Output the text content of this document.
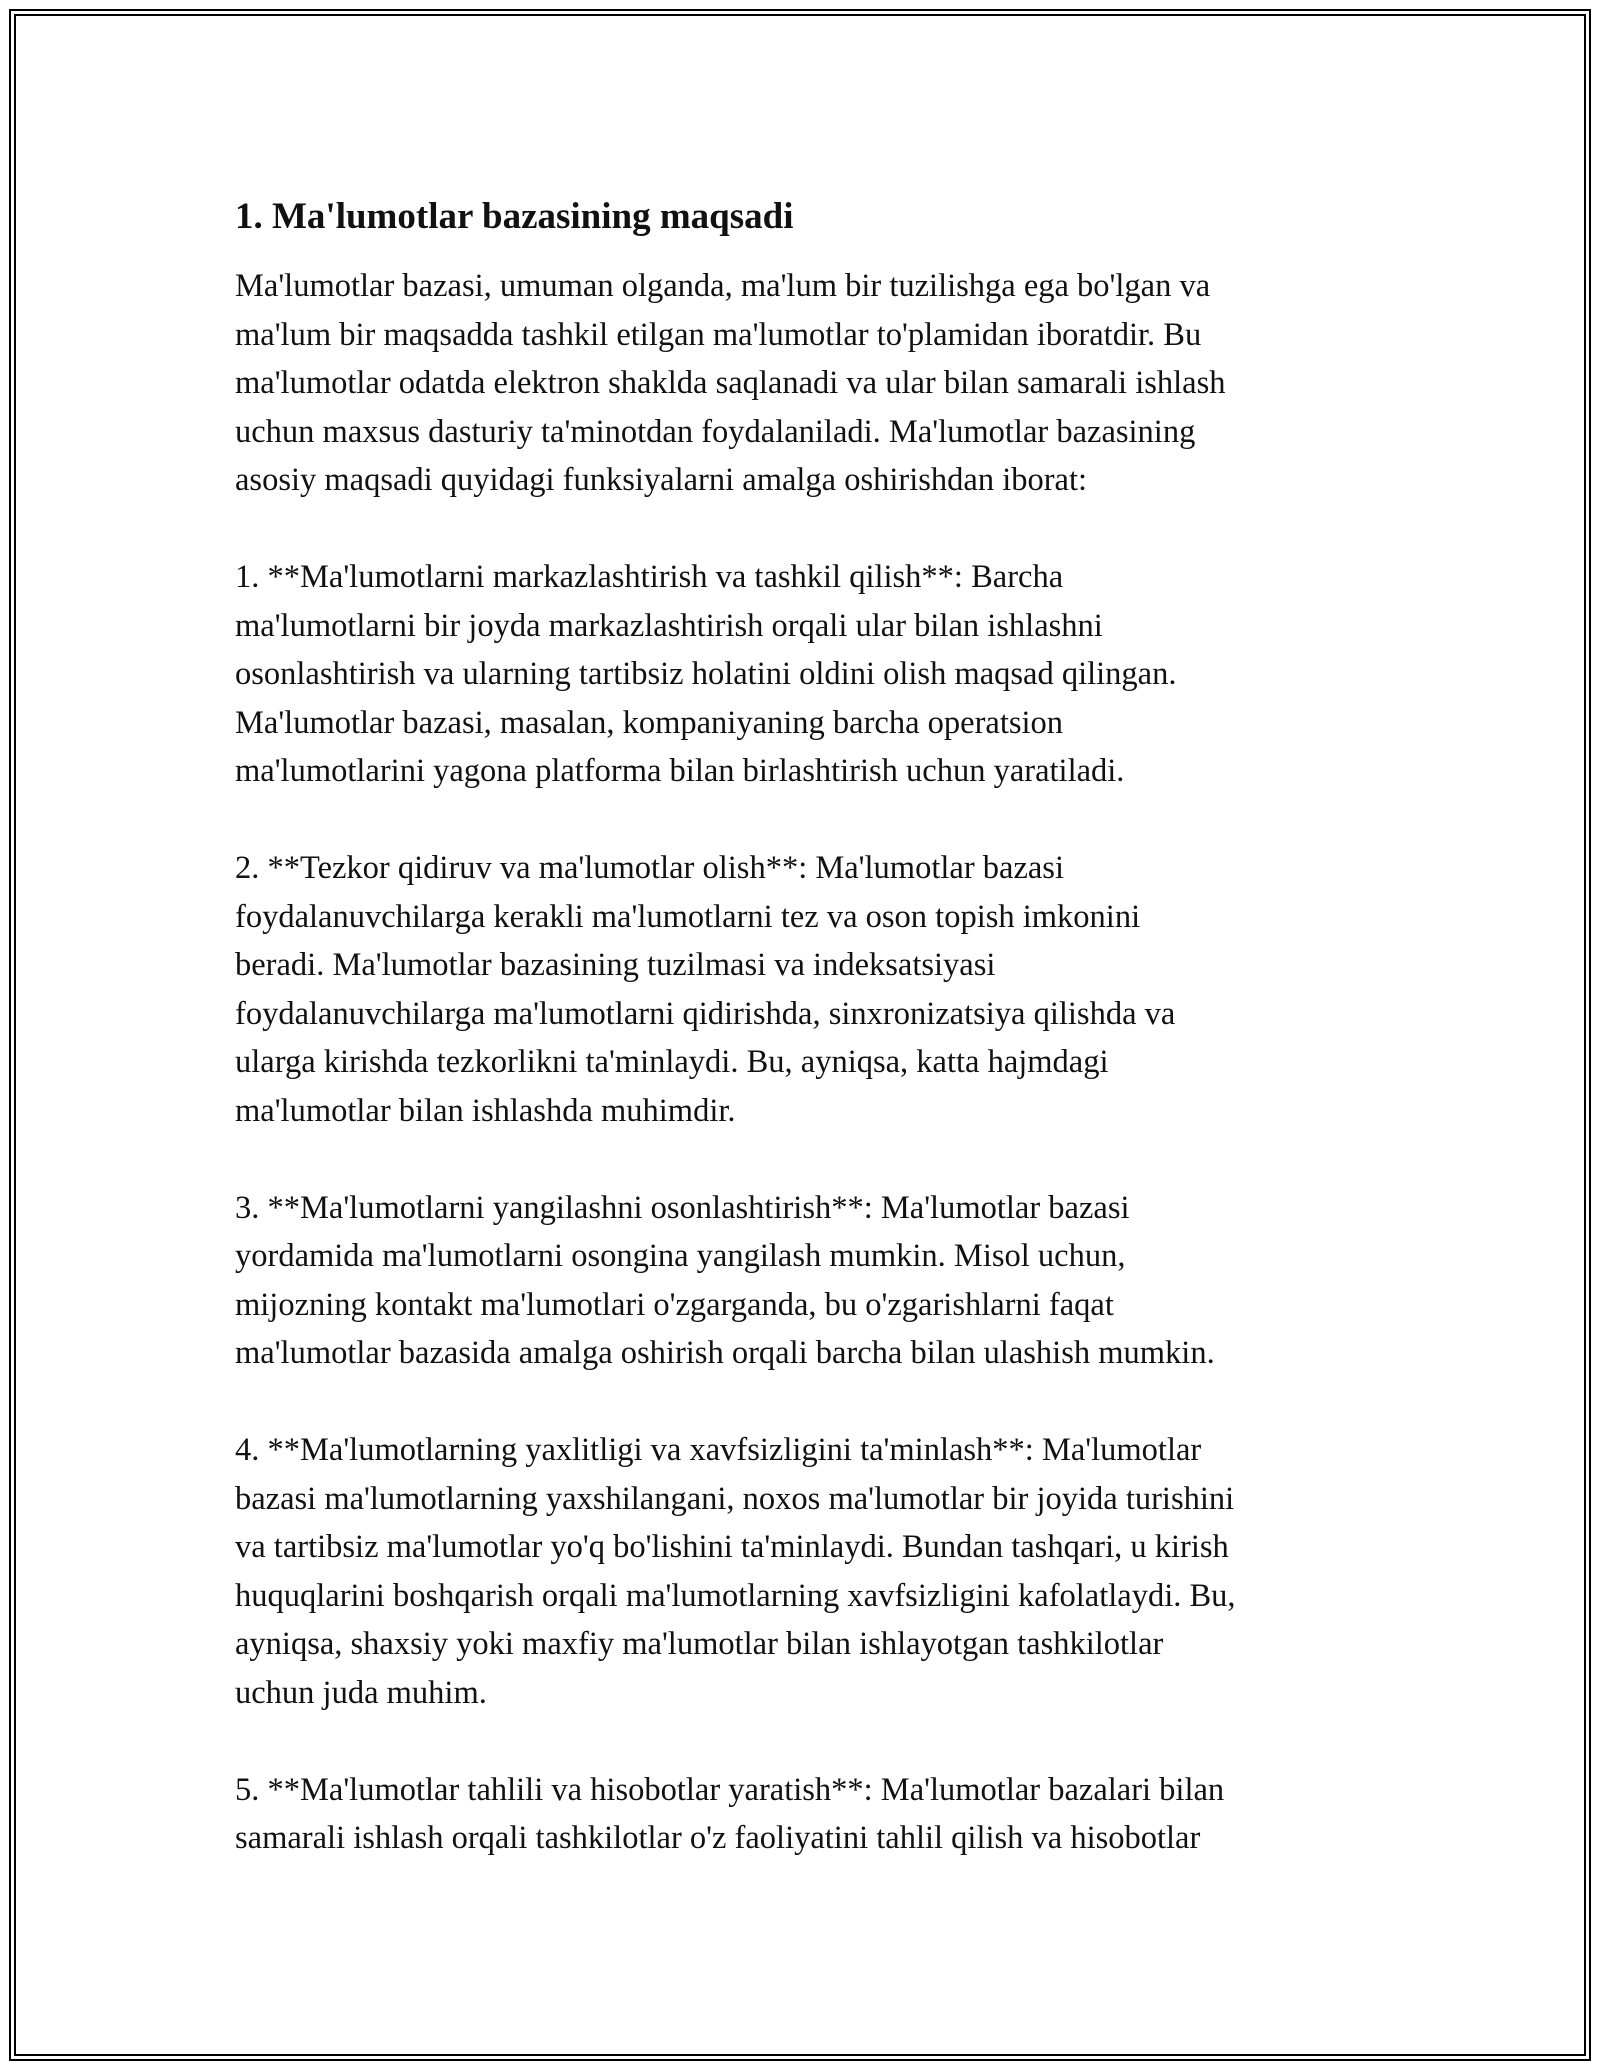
1. Ma'lumotlar bazasining maqsadi
Ma'lumotlar bazasi, umuman olganda, ma'lum bir tuzilishga ega bo'lgan va
ma'lum bir maqsadda tashkil etilgan ma'lumotlar to'plamidan iboratdir. Bu
ma'lumotlar odatda elektron shaklda saqlanadi va ular bilan samarali ishlash
uchun maxsus dasturiy ta'minotdan foydalaniladi. Ma'lumotlar bazasining
asosiy maqsadi quyidagi funksiyalarni amalga oshirishdan iborat:
1. **Ma'lumotlarni markazlashtirish va tashkil qilish**: Barcha
ma'lumotlarni bir joyda markazlashtirish orqali ular bilan ishlashni
osonlashtirish va ularning tartibsiz holatini oldini olish maqsad qilingan.
Ma'lumotlar bazasi, masalan, kompaniyaning barcha operatsion
ma'lumotlarini yagona platforma bilan birlashtirish uchun yaratiladi.
2. **Tezkor qidiruv va ma'lumotlar olish**: Ma'lumotlar bazasi
foydalanuvchilarga kerakli ma'lumotlarni tez va oson topish imkonini
beradi. Ma'lumotlar bazasining tuzilmasi va indeksatsiyasi
foydalanuvchilarga ma'lumotlarni qidirishda, sinxronizatsiya qilishda va
ularga kirishda tezkorlikni ta'minlaydi. Bu, ayniqsa, katta hajmdagi
ma'lumotlar bilan ishlashda muhimdir.
3. **Ma'lumotlarni yangilashni osonlashtirish**: Ma'lumotlar bazasi
yordamida ma'lumotlarni osongina yangilash mumkin. Misol uchun,
mijozning kontakt ma'lumotlari o'zgarganda, bu o'zgarishlarni faqat
ma'lumotlar bazasida amalga oshirish orqali barcha bilan ulashish mumkin.
4. **Ma'lumotlarning yaxlitligi va xavfsizligini ta'minlash**: Ma'lumotlar
bazasi ma'lumotlarning yaxshilangani, noxos ma'lumotlar bir joyida turishini
va tartibsiz ma'lumotlar yo'q bo'lishini ta'minlaydi. Bundan tashqari, u kirish
huquqlarini boshqarish orqali ma'lumotlarning xavfsizligini kafolatlaydi. Bu,
ayniqsa, shaxsiy yoki maxfiy ma'lumotlar bilan ishlayotgan tashkilotlar
uchun juda muhim.
5. **Ma'lumotlar tahlili va hisobotlar yaratish**: Ma'lumotlar bazalari bilan
samarali ishlash orqali tashkilotlar o'z faoliyatini tahlil qilish va hisobotlar
